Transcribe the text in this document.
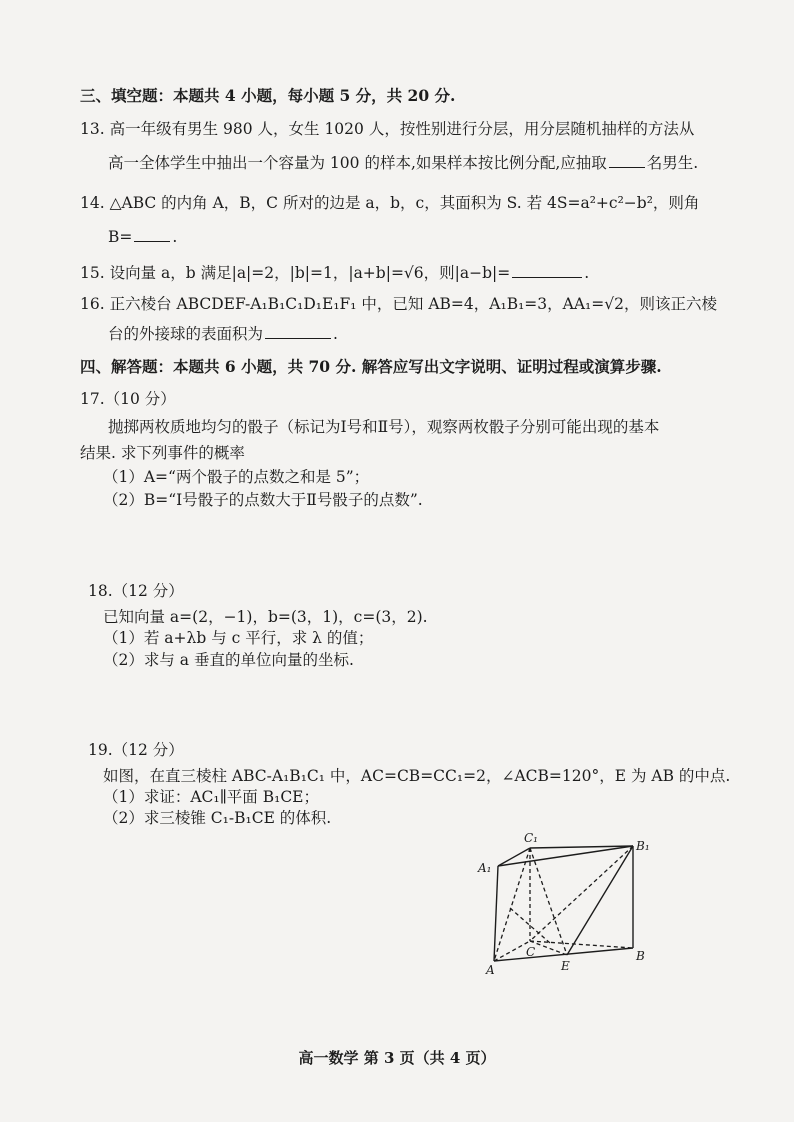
三、填空题：本题共 4 小题，每小题 5 分，共 20 分.
13. 高一年级有男生 980 人，女生 1020 人，按性别进行分层，用分层随机抽样的方法从
高一全体学生中抽出一个容量为 100 的样本,如果样本按比例分配,应抽取	名男生.
14. △ABC 的内角 A，B，C 所对的边是 a，b，c，其面积为 S. 若 4S=a²+c²−b²，则角
B=	.
15. 设向量 a，b 满足|a|=2，|b|=1，|a+b|=√6，则|a−b|=	.
16. 正六棱台 ABCDEF-A₁B₁C₁D₁E₁F₁ 中，已知 AB=4，A₁B₁=3，AA₁=√2，则该正六棱
台的外接球的表面积为	.
四、解答题：本题共 6 小题，共 70 分. 解答应写出文字说明、证明过程或演算步骤.
17.（10 分）
抛掷两枚质地均匀的骰子（标记为Ⅰ号和Ⅱ号），观察两枚骰子分别可能出现的基本
结果. 求下列事件的概率
（1）A=“两个骰子的点数之和是 5”；
（2）B=“Ⅰ号骰子的点数大于Ⅱ号骰子的点数”.
18.（12 分）
已知向量 a=(2，−1)，b=(3，1)，c=(3，2).
（1）若 a+λb 与 c 平行，求 λ 的值；
（2）求与 a 垂直的单位向量的坐标.
19.（12 分）
如图，在直三棱柱 ABC-A₁B₁C₁ 中，AC=CB=CC₁=2，∠ACB=120°，E 为 AB 的中点.
（1）求证：AC₁∥平面 B₁CE；
（2）求三棱锥 C₁-B₁CE 的体积.
C₁
A₁
B₁
A
B
C
E
高一数学 第 3 页（共 4 页）
